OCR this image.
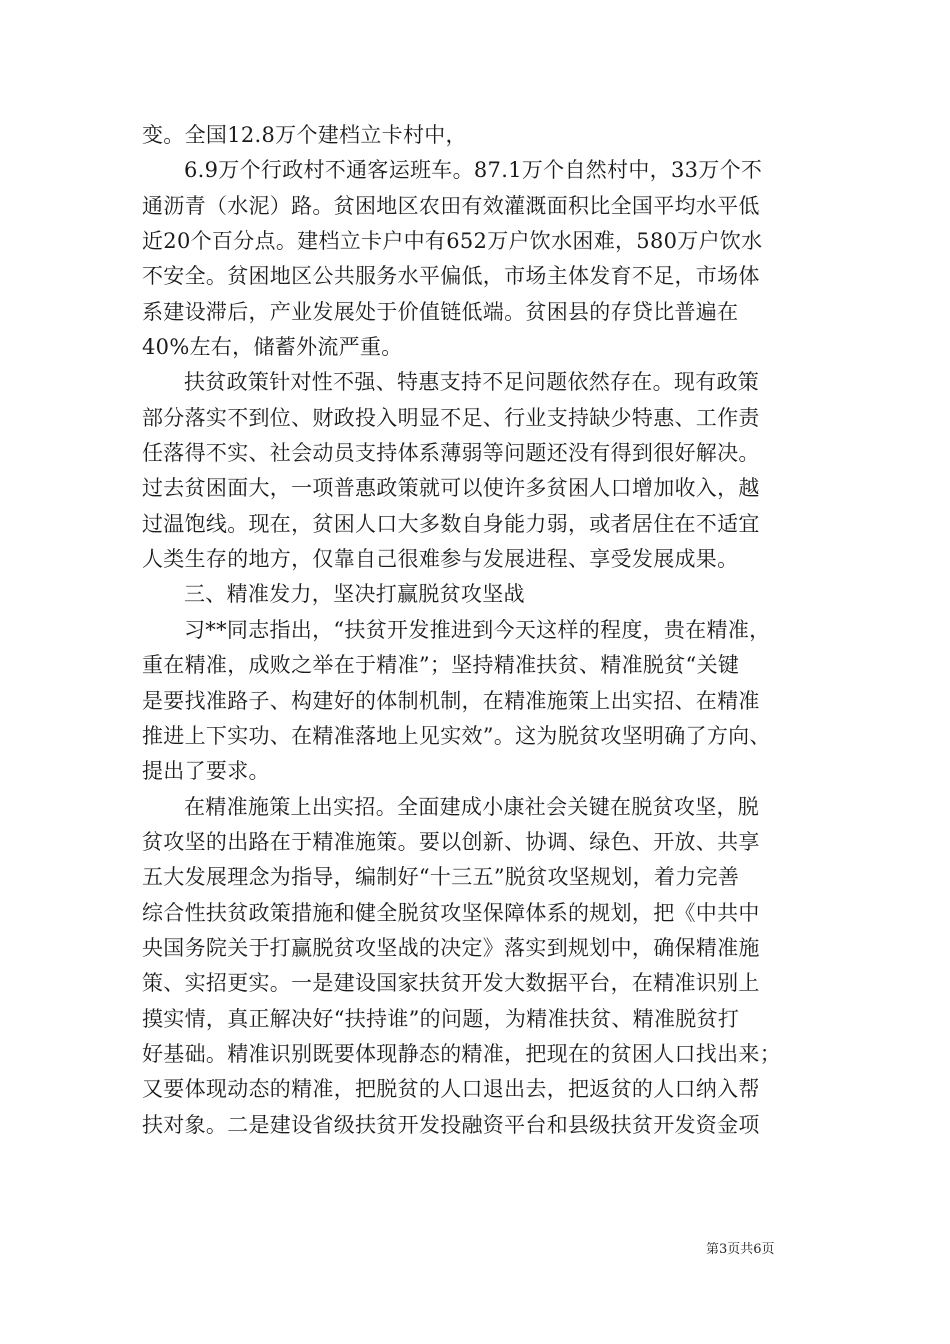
变。全国12.8万个建档立卡村中，
6.9万个行政村不通客运班车。87.1万个自然村中，33万个不
通沥青（水泥）路。贫困地区农田有效灌溉面积比全国平均水平低
近20个百分点。建档立卡户中有652万户饮水困难，580万户饮水
不安全。贫困地区公共服务水平偏低，市场主体发育不足，市场体
系建设滞后，产业发展处于价值链低端。贫困县的存贷比普遍在
40%左右，储蓄外流严重。
扶贫政策针对性不强、特惠支持不足问题依然存在。现有政策
部分落实不到位、财政投入明显不足、行业支持缺少特惠、工作责
任落得不实、社会动员支持体系薄弱等问题还没有得到很好解决。
过去贫困面大，一项普惠政策就可以使许多贫困人口增加收入，越
过温饱线。现在，贫困人口大多数自身能力弱，或者居住在不适宜
人类生存的地方，仅靠自己很难参与发展进程、享受发展成果。
三、精准发力，坚决打赢脱贫攻坚战
习**同志指出，“扶贫开发推进到今天这样的程度，贵在精准，
重在精准，成败之举在于精准”；坚持精准扶贫、精准脱贫“关键
是要找准路子、构建好的体制机制，在精准施策上出实招、在精准
推进上下实功、在精准落地上见实效”。这为脱贫攻坚明确了方向、
提出了要求。
在精准施策上出实招。全面建成小康社会关键在脱贫攻坚，脱
贫攻坚的出路在于精准施策。要以创新、协调、绿色、开放、共享
五大发展理念为指导，编制好“十三五”脱贫攻坚规划，着力完善
综合性扶贫政策措施和健全脱贫攻坚保障体系的规划，把《中共中
央国务院关于打赢脱贫攻坚战的决定》落实到规划中，确保精准施
策、实招更实。一是建设国家扶贫开发大数据平台，在精准识别上
摸实情，真正解决好“扶持谁”的问题，为精准扶贫、精准脱贫打
好基础。精准识别既要体现静态的精准，把现在的贫困人口找出来；
又要体现动态的精准，把脱贫的人口退出去，把返贫的人口纳入帮
扶对象。二是建设省级扶贫开发投融资平台和县级扶贫开发资金项
第3页共6页
